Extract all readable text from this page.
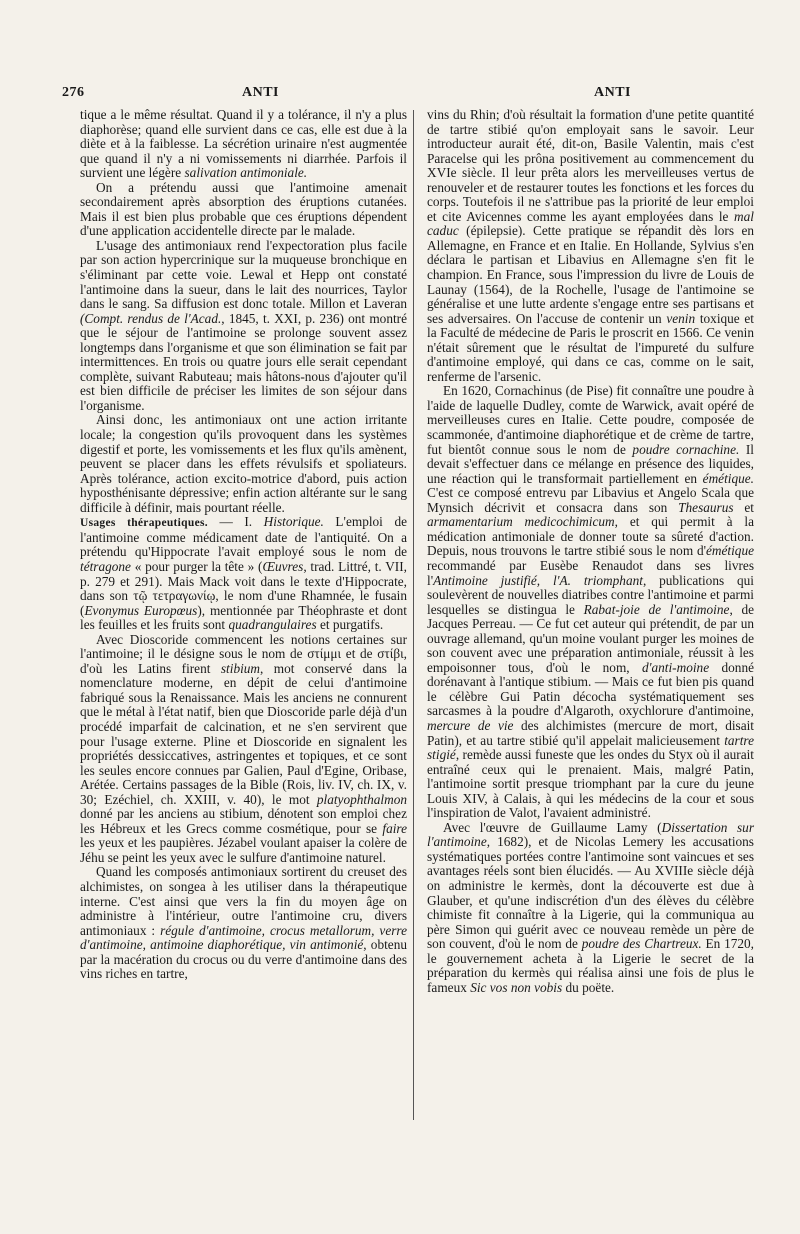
276	ANTI	ANTI

tique a le même résultat. Quand il y a tolérance, il n'y a plus diaphorèse; quand elle survient dans ce cas, elle est due à la diète et à la faiblesse. La sécrétion urinaire n'est augmentée que quand il n'y a ni vomissements ni diarrhée. Parfois il survient une légère salivation antimoniale.

On a prétendu aussi que l'antimoine amenait secondairement après absorption des éruptions cutanées. Mais il est bien plus probable que ces éruptions dépendent d'une application accidentelle directe par le malade.

L'usage des antimoniaux rend l'expectoration plus facile par son action hypercrinique sur la muqueuse bronchique en s'éliminant par cette voie. Lewal et Hepp ont constaté l'antimoine dans la sueur, dans le lait des nourrices, Taylor dans le sang. Sa diffusion est donc totale. Millon et Laveran (Compt. rendus de l'Acad., 1845, t. XXI, p. 236) ont montré que le séjour de l'antimoine se prolonge souvent assez longtemps dans l'organisme et que son élimination se fait par intermittences. En trois ou quatre jours elle serait cependant complète, suivant Rabuteau; mais hâtons-nous d'ajouter qu'il est bien difficile de préciser les limites de son séjour dans l'organisme.

Ainsi donc, les antimoniaux ont une action irritante locale; la congestion qu'ils provoquent dans les systèmes digestif et porte, les vomissements et les flux qu'ils amènent, peuvent se placer dans les effets révulsifs et spoliateurs. Après tolérance, action excito-motrice d'abord, puis action hyposthénisante dépressive; enfin action altérante sur le sang difficile à définir, mais pourtant réelle.

Usages thérapeutiques. — I. Historique. L'emploi de l'antimoine comme médicament date de l'antiquité. On a prétendu qu'Hippocrate l'avait employé sous le nom de tétragone « pour purger la tête » (Œuvres, trad. Littré, t. VII, p. 279 et 291). Mais Mack voit dans le texte d'Hippocrate, dans son τῷ τετραγωνίῳ, le nom d'une Rhamnée, le fusain (Evonymus Europœus), mentionnée par Théophraste et dont les feuilles et les fruits sont quadrangulaires et purgatifs.

Avec Dioscoride commencent les notions certaines sur l'antimoine; il le désigne sous le nom de στίμμι et de στίβι, d'où les Latins firent stibium, mot conservé dans la nomenclature moderne, en dépit de celui d'antimoine fabriqué sous la Renaissance. Mais les anciens ne connurent que le métal à l'état natif, bien que Dioscoride parle déjà d'un procédé imparfait de calcination, et ne s'en servirent que pour l'usage externe. Pline et Dioscoride en signalent les propriétés dessiccatives, astringentes et topiques, et ce sont les seules encore connues par Galien, Paul d'Egine, Oribase, Arétée. Certains passages de la Bible (Rois, liv. IV, ch. IX, v. 30; Ezéchiel, ch. XXIII, v. 40), le mot platyophthalmon donné par les anciens au stibium, dénotent son emploi chez les Hébreux et les Grecs comme cosmétique, pour se faire les yeux et les paupières. Jézabel voulant apaiser la colère de Jéhu se peint les yeux avec le sulfure d'antimoine naturel.

Quand les composés antimoniaux sortirent du creuset des alchimistes, on songea à les utiliser dans la thérapeutique interne. C'est ainsi que vers la fin du moyen âge on administre à l'intérieur, outre l'antimoine cru, divers antimoniaux : régule d'antimoine, crocus metallorum, verre d'antimoine, antimoine diaphorétique, vin antimonié, obtenu par la macération du crocus ou du verre d'antimoine dans des vins riches en tartre,

vins du Rhin; d'où résultait la formation d'une petite quantité de tartre stibié qu'on employait sans le savoir. Leur introducteur aurait été, dit-on, Basile Valentin, mais c'est Paracelse qui les prôna positivement au commencement du XVIe siècle. Il leur prêta alors les merveilleuses vertus de renouveler et de restaurer toutes les fonctions et les forces du corps. Toutefois il ne s'attribue pas la priorité de leur emploi et cite Avicennes comme les ayant employées dans le mal caduc (épilepsie). Cette pratique se répandit dès lors en Allemagne, en France et en Italie. En Hollande, Sylvius s'en déclara le partisan et Libavius en Allemagne s'en fit le champion. En France, sous l'impression du livre de Louis de Launay (1564), de la Rochelle, l'usage de l'antimoine se généralise et une lutte ardente s'engage entre ses partisans et ses adversaires. On l'accuse de contenir un venin toxique et la Faculté de médecine de Paris le proscrit en 1566. Ce venin n'était sûrement que le résultat de l'impureté du sulfure d'antimoine employé, qui dans ce cas, comme on le sait, renferme de l'arsenic.

En 1620, Cornachinus (de Pise) fit connaître une poudre à l'aide de laquelle Dudley, comte de Warwick, avait opéré de merveilleuses cures en Italie. Cette poudre, composée de scammonée, d'antimoine diaphorétique et de crème de tartre, fut bientôt connue sous le nom de poudre cornachine. Il devait s'effectuer dans ce mélange en présence des liquides, une réaction qui le transformait partiellement en émétique. C'est ce composé entrevu par Libavius et Angelo Scala que Mynsich décrivit et consacra dans son Thesaurus et armamentarium medicochimicum, et qui permit à la médication antimoniale de donner toute sa sûreté d'action. Depuis, nous trouvons le tartre stibié sous le nom d'émétique recommandé par Eusèbe Renaudot dans ses livres l'Antimoine justifié, l'A. triomphant, publications qui soulevèrent de nouvelles diatribes contre l'antimoine et parmi lesquelles se distingua le Rabat-joie de l'antimoine, de Jacques Perreau. — Ce fut cet auteur qui prétendit, de par un ouvrage allemand, qu'un moine voulant purger les moines de son couvent avec une préparation antimoniale, réussit à les empoisonner tous, d'où le nom, d'anti-moine donné dorénavant à l'antique stibium. — Mais ce fut bien pis quand le célèbre Gui Patin décocha systématiquement ses sarcasmes à la poudre d'Algaroth, oxychlorure d'antimoine, mercure de vie des alchimistes (mercure de mort, disait Patin), et au tartre stibié qu'il appelait malicieusement tartre stigié, remède aussi funeste que les ondes du Styx où il aurait entraîné ceux qui le prenaient. Mais, malgré Patin, l'antimoine sortit presque triomphant par la cure du jeune Louis XIV, à Calais, à qui les médecins de la cour et sous l'inspiration de Valot, l'avaient administré.

Avec l'œuvre de Guillaume Lamy (Dissertation sur l'antimoine, 1682), et de Nicolas Lemery les accusations systématiques portées contre l'antimoine sont vaincues et ses avantages réels sont bien élucidés. — Au XVIIIe siècle déjà on administre le kermès, dont la découverte est due à Glauber, et qu'une indiscrétion d'un des élèves du célèbre chimiste fit connaître à la Ligerie, qui la communiqua au père Simon qui guérit avec ce nouveau remède un père de son couvent, d'où le nom de poudre des Chartreux. En 1720, le gouvernement acheta à la Ligerie le secret de la préparation du kermès qui réalisa ainsi une fois de plus le fameux Sic vos non vobis du poëte.
